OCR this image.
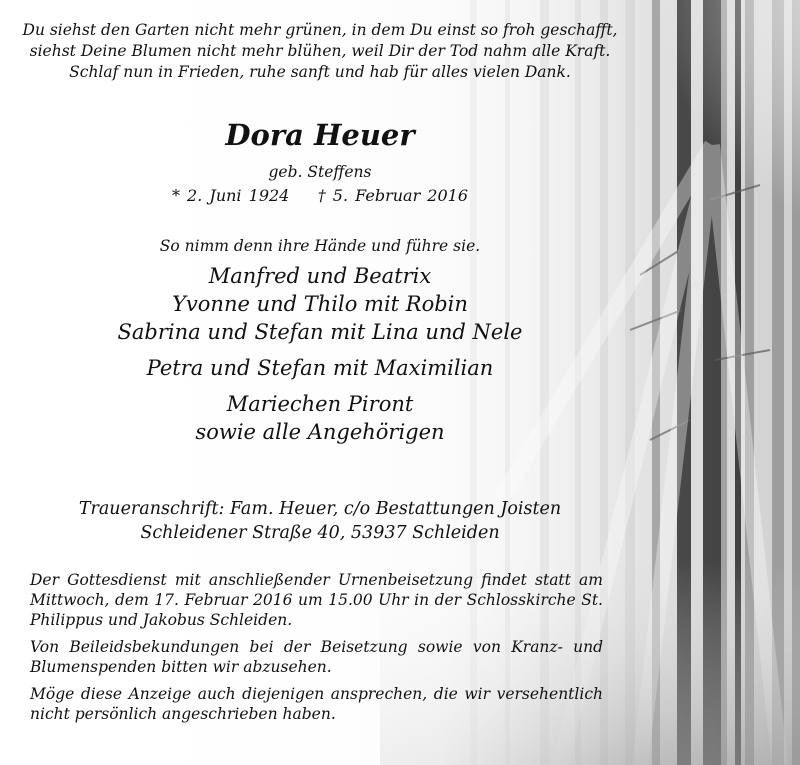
Du siehst den Garten nicht mehr grünen, in dem Du einst so froh geschafft,
siehst Deine Blumen nicht mehr blühen, weil Dir der Tod nahm alle Kraft.
Schlaf nun in Frieden, ruhe sanft und hab für alles vielen Dank.
Dora Heuer
geb. Steffens
* 2. Juni 1924 † 5. Februar 2016
So nimm denn ihre Hände und führe sie.
Manfred und Beatrix
Yvonne und Thilo mit Robin
Sabrina und Stefan mit Lina und Nele
Petra und Stefan mit Maximilian
Mariechen Piront
sowie alle Angehörigen
Traueranschrift: Fam. Heuer, c/o Bestattungen Joisten
Schleidener Straße 40, 53937 Schleiden

Der Gottesdienst mit anschließender Urnenbeisetzung findet statt am Mittwoch, dem 17. Februar 2016 um 15.00 Uhr in der Schlosskirche St. Philippus und Jakobus Schleiden.

Von Beileidsbekundungen bei der Beisetzung sowie von Kranz- und Blumenspenden bitten wir abzusehen.

Möge diese Anzeige auch diejenigen ansprechen, die wir versehentlich nicht persönlich angeschrieben haben.
